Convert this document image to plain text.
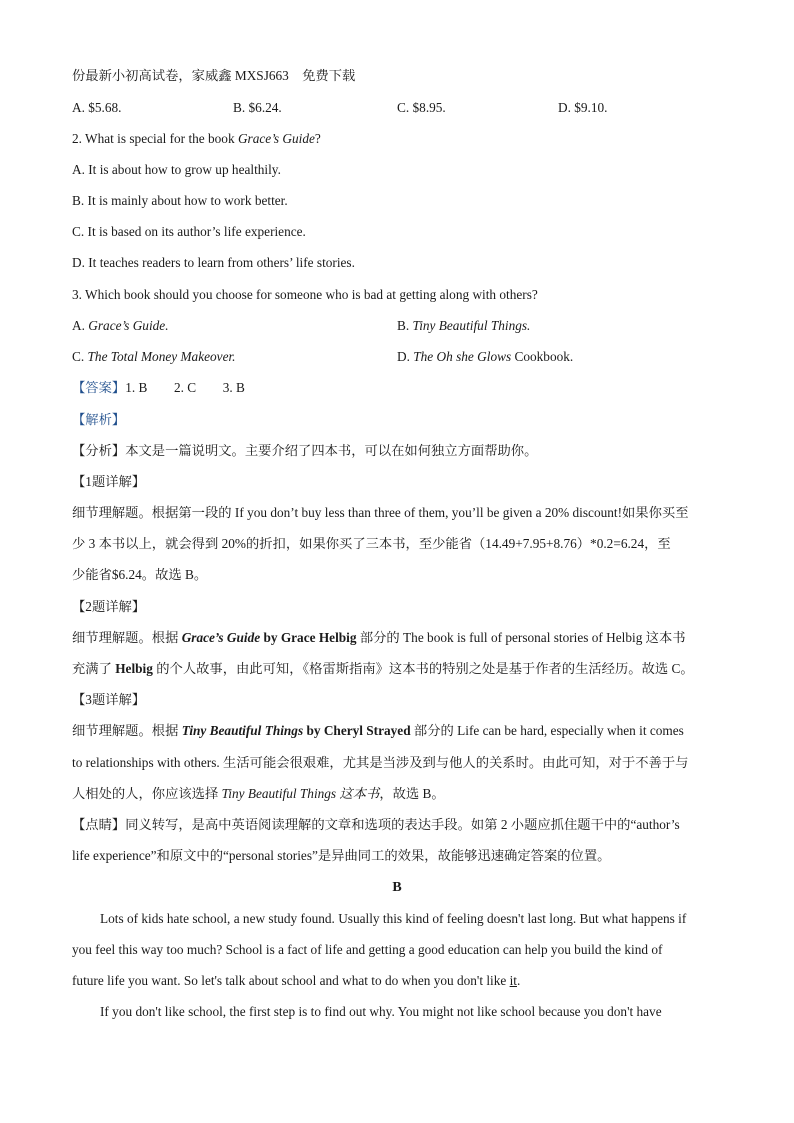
份最新小初高试卷，家威鑫 MXSJ663　免费下载
A. $5.68.	B. $6.24.	C. $8.95.	D. $9.10.
2. What is special for the book Grace’s Guide?
A. It is about how to grow up healthily.
B. It is mainly about how to work better.
C. It is based on its author’s life experience.
D. It teaches readers to learn from others’ life stories.
3. Which book should you choose for someone who is bad at getting along with others?
A. Grace’s Guide.	B. Tiny Beautiful Things.
C. The Total Money Makeover.	D. The Oh she Glows Cookbook.
【答案】1. B　　2. C　　3. B
【解析】
【分析】本文是一篇说明文。主要介绍了四本书，可以在如何独立方面帮助你。
【1题详解】
细节理解题。根据第一段的 If you don’t buy less than three of them, you’ll be given a 20% discount!如果你买至
少 3 本书以上，就会得到 20%的折扣，如果你买了三本书，至少能省（14.49+7.95+8.76）*0.2=6.24，至
少能省$6.24。故选 B。
【2题详解】
细节理解题。根据 Grace’s Guide by Grace Helbig 部分的 The book is full of personal stories of Helbig 这本书
充满了 Helbig 的个人故事，由此可知，《格雷斯指南》这本书的特别之处是基于作者的生活经历。故选 C。
【3题详解】
细节理解题。根据 Tiny Beautiful Things by Cheryl Strayed 部分的 Life can be hard, especially when it comes
to relationships with others. 生活可能会很艰难，尤其是当涉及到与他人的关系时。由此可知，对于不善于与
人相处的人，你应该选择 Tiny Beautiful Things 这本书，故选 B。
【点睛】同义转写，是高中英语阅读理解的文章和选项的表达手段。如第 2 小题应抓住题干中的“author’s
life experience”和原文中的“personal stories”是异曲同工的效果，故能够迅速确定答案的位置。
B
Lots of kids hate school, a new study found. Usually this kind of feeling doesn't last long. But what happens if
you feel this way too much? School is a fact of life and getting a good education can help you build the kind of
future life you want. So let's talk about school and what to do when you don't like it.
If you don't like school, the first step is to find out why. You might not like school because you don't have
